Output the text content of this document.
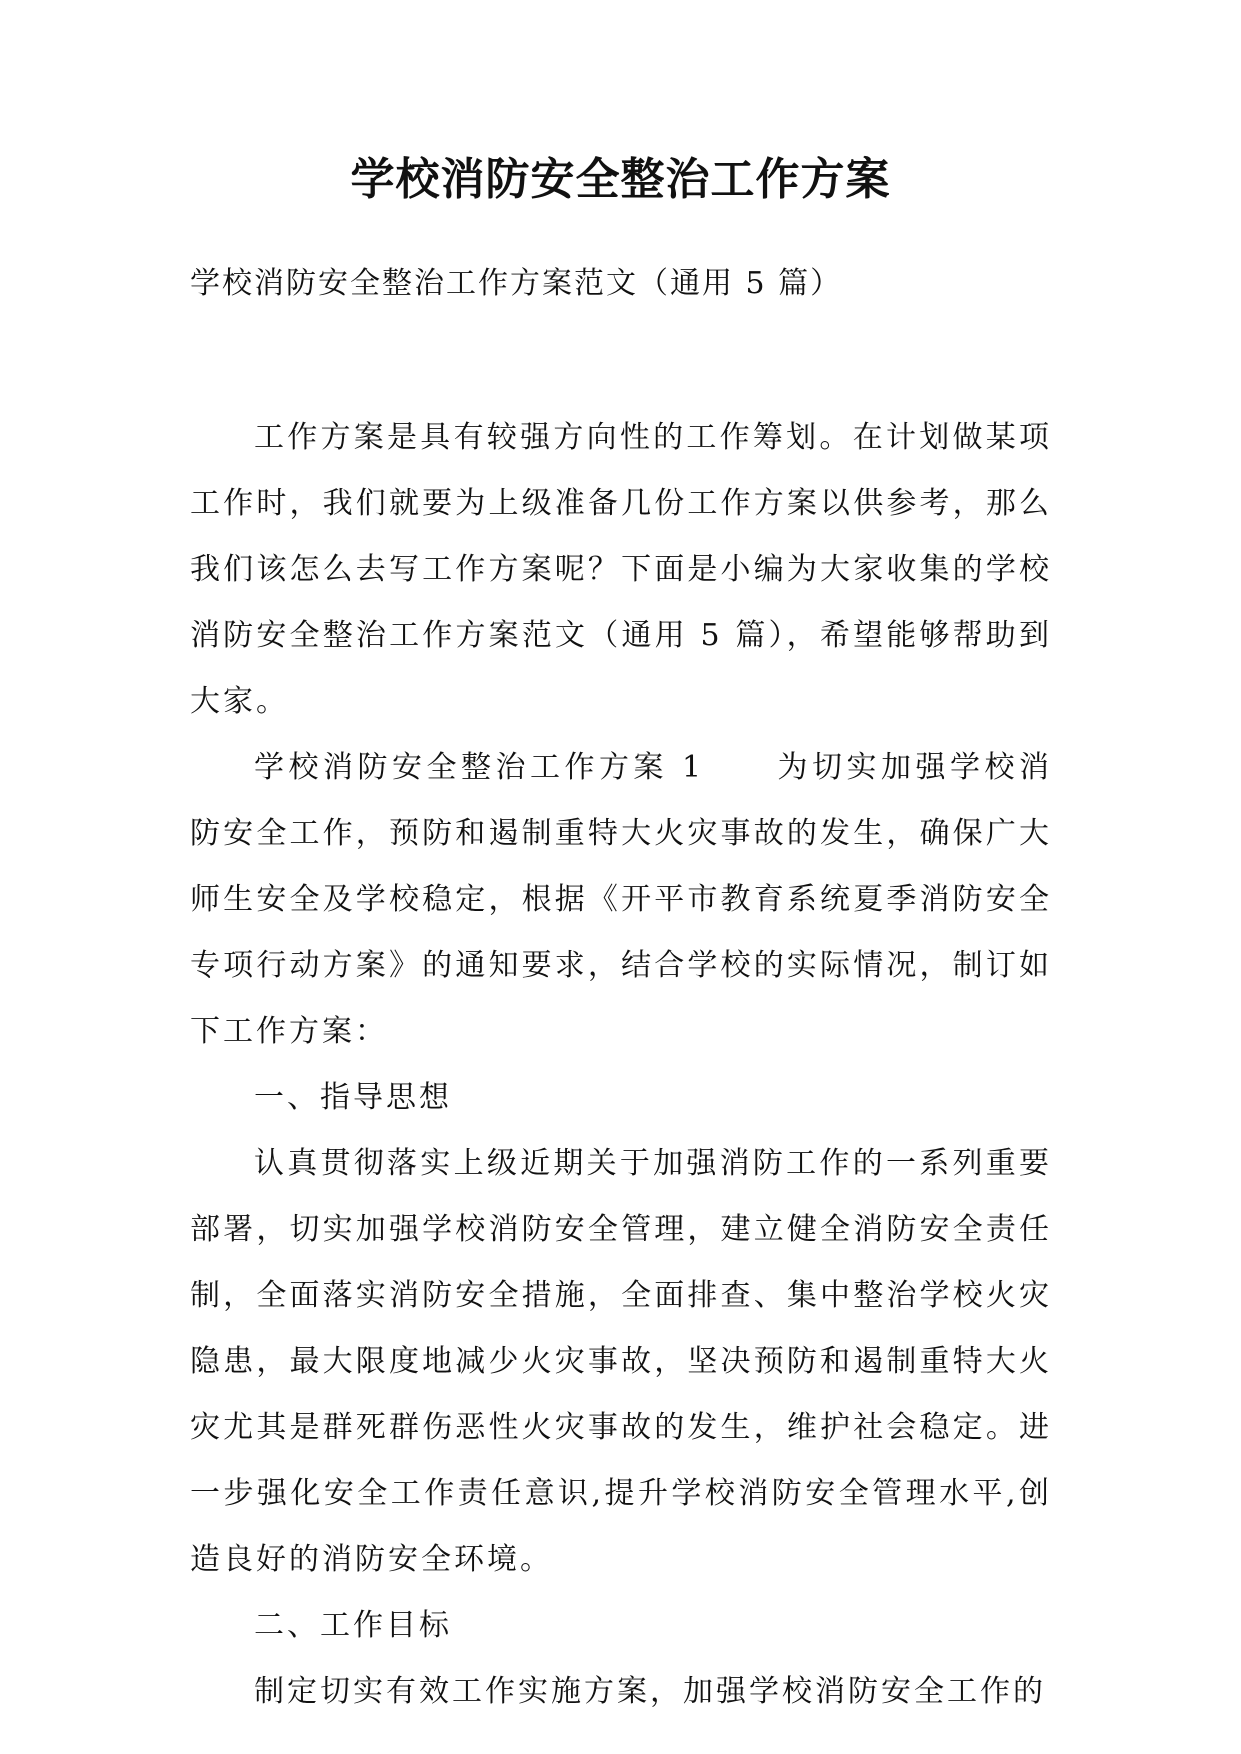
学校消防安全整治工作方案
学校消防安全整治工作方案范文（通用 5 篇）

工作方案是具有较强方向性的工作筹划。在计划做某项工作时，我们就要为上级准备几份工作方案以供参考，那么我们该怎么去写工作方案呢？下面是小编为大家收集的学校消防安全整治工作方案范文（通用 5 篇），希望能够帮助到大家。

学校消防安全整治工作方案 1 为切实加强学校消防安全工作，预防和遏制重特大火灾事故的发生，确保广大师生安全及学校稳定，根据《开平市教育系统夏季消防安全专项行动方案》的通知要求，结合学校的实际情况，制订如下工作方案：

一、指导思想

认真贯彻落实上级近期关于加强消防工作的一系列重要部署，切实加强学校消防安全管理，建立健全消防安全责任制，全面落实消防安全措施，全面排查、集中整治学校火灾隐患，最大限度地减少火灾事故，坚决预防和遏制重特大火灾尤其是群死群伤恶性火灾事故的发生，维护社会稳定。进一步强化安全工作责任意识,提升学校消防安全管理水平,创造良好的消防安全环境。

二、工作目标

制定切实有效工作实施方案，加强学校消防安全工作的
